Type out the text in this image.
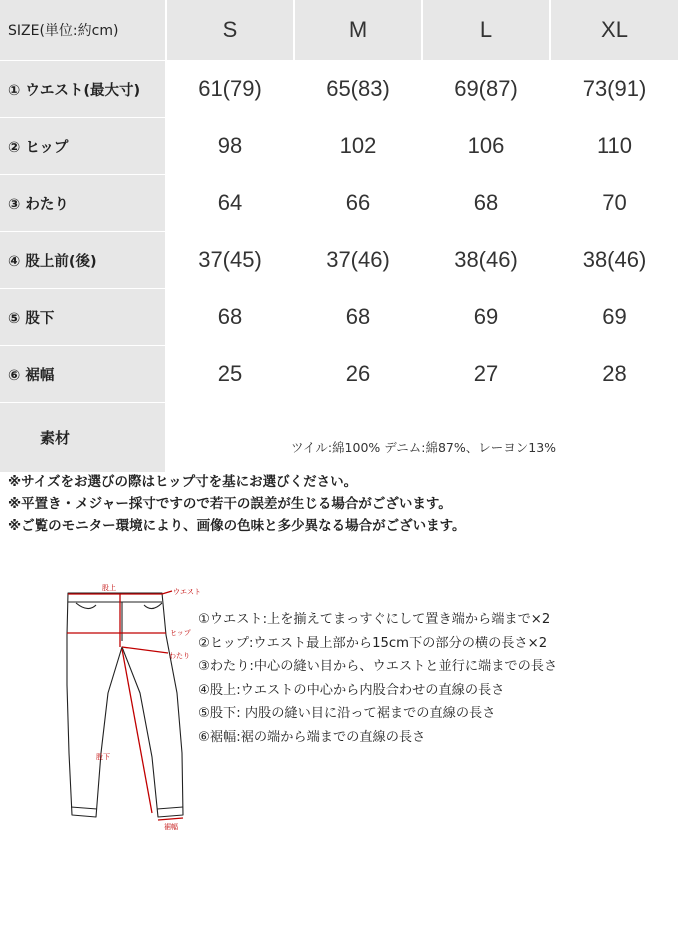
SIZE(単位:約cm)	S	M	L	XL
① ウエスト(最大寸)	61(79)	65(83)	69(87)	73(91)
② ヒップ	98	102	106	110
③ わたり	64	66	68	70
④ 股上前(後)	37(45)	37(46)	38(46)	38(46)
⑤ 股下	68	68	69	69
⑥ 裾幅	25	26	27	28
素材	ツイル:綿100% デニム:綿87%、レーヨン13%
※サイズをお選びの際はヒップ寸を基にお選びください。
※平置き・メジャー採寸ですので若干の誤差が生じる場合がございます。
※ご覧のモニター環境により、画像の色味と多少異なる場合がございます。
股上	ウエスト
ヒップ
わたり
股下
裾幅
①ウエスト:上を揃えてまっすぐにして置き端から端まで×2
②ヒップ:ウエスト最上部から15cm下の部分の横の長さ×2
③わたり:中心の縫い目から、ウエストと並行に端までの長さ
④股上:ウエストの中心から内股合わせの直線の長さ
⑤股下: 内股の縫い目に沿って裾までの直線の長さ
⑥裾幅:裾の端から端までの直線の長さ
